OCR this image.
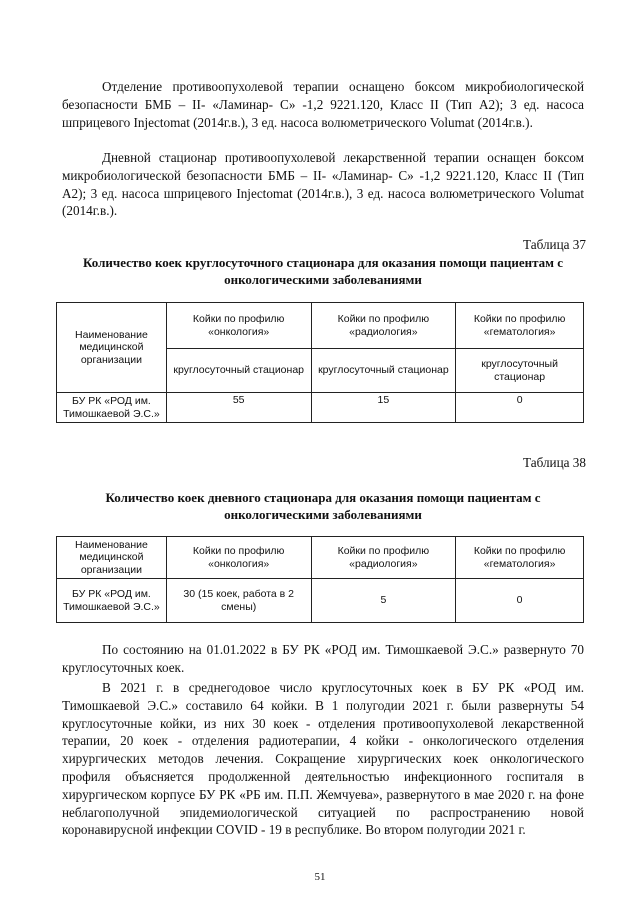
Отделение противоопухолевой терапии оснащено боксом микробиологической безопасности БМБ – II- «Ламинар- С» -1,2 9221.120, Класс II (Тип А2); 3 ед. насоса шприцевого Injectomat (2014г.в.), 3 ед. насоса волюметрического Volumat (2014г.в.).

Дневной стационар противоопухолевой лекарственной терапии оснащен боксом микробиологической безопасности БМБ – II- «Ламинар- С» -1,2 9221.120, Класс II (Тип А2); 3 ед. насоса шприцевого Injectomat (2014г.в.), 3 ед. насоса волюметрического Volumat (2014г.в.).

Таблица 37

Количество коек круглосуточного стационара для оказания помощи пациентам с онкологическими заболеваниями

Наименование медицинской организации	Койки по профилю «онкология»	Койки по профилю «радиология»	Койки по профилю «гематология»
	круглосуточный стационар	круглосуточный стационар	круглосуточный стационар
БУ РК «РОД им. Тимошкаевой Э.С.»	55	15	0
Таблица 38

Количество коек дневного стационара для оказания помощи пациентам с онкологическими заболеваниями

Наименование медицинской организации	Койки по профилю «онкология»	Койки по профилю «радиология»	Койки по профилю «гематология»
БУ РК «РОД им. Тимошкаевой Э.С.»	30 (15 коек, работа в 2 смены)	5	0

По состоянию на 01.01.2022 в БУ РК «РОД им. Тимошкаевой Э.С.» развернуто 70 круглосуточных коек.

В 2021 г. в среднегодовое число круглосуточных коек в БУ РК «РОД им. Тимошкаевой Э.С.» составило 64 койки. В 1 полугодии 2021 г. были развернуты 54 круглосуточные койки, из них 30 коек - отделения противоопухолевой лекарственной терапии, 20 коек - отделения радиотерапии, 4 койки - онкологического отделения хирургических методов лечения. Сокращение хирургических коек онкологического профиля объясняется продолженной деятельностью инфекционного госпиталя в хирургическом корпусе БУ РК «РБ им. П.П. Жемчуева», развернутого в мае 2020 г. на фоне неблагополучной эпидемиологической ситуацией по распространению новой коронавирусной инфекции COVID - 19 в республике. Во втором полугодии 2021 г.

51
